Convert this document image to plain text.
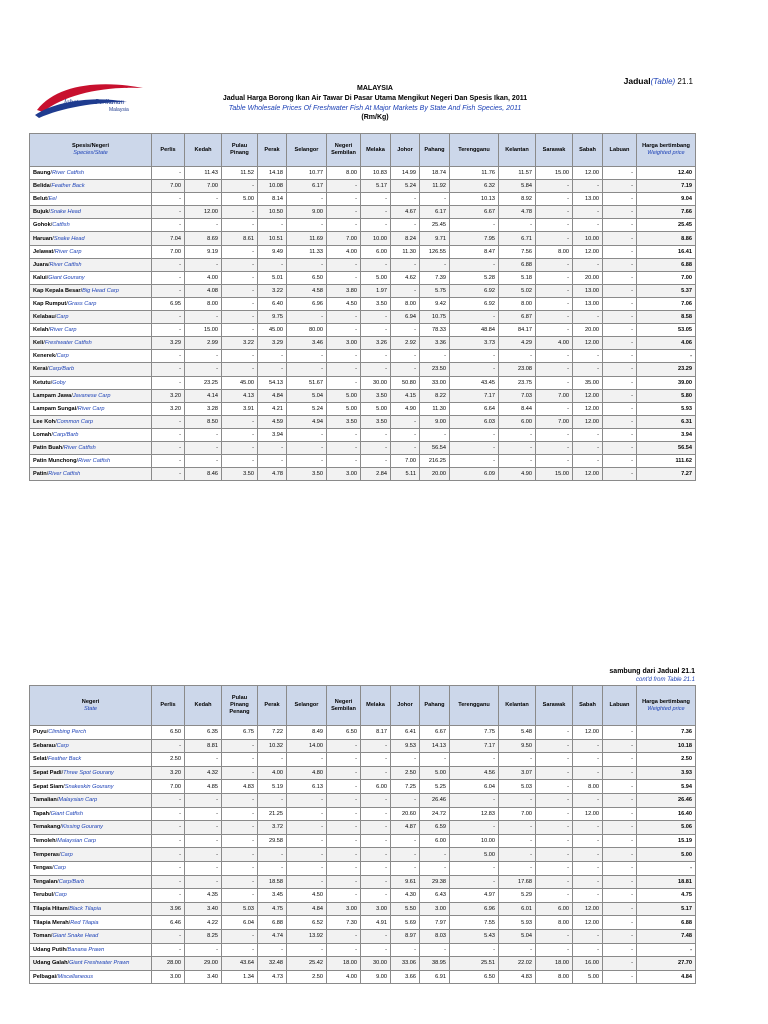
Jadual(Table) 21.1
Jabatan Perikanan
Malaysia
MALAYSIA
Jadual Harga Borong Ikan Air Tawar Di Pasar Utama Mengikut Negeri Dan Spesis Ikan, 2011
Table Wholesale Prices Of Freshwater Fish At Major Markets By State And Fish Species, 2011
(Rm/Kg)
Spesis/Negeri
Species/State	Perlis	Kedah	Pulau Pinang	Perak	Selangor	Negeri Sembilan	Melaka	Johor	Pahang	Terengganu	Kelantan	Sarawak	Sabah	Labuan	Harga bertimbang
Weighted price

Baung/River Catfish	-	11.43	11.52	14.18	10.77	8.00	10.83	14.99	18.74	11.76	11.57	15.00	12.00	-	12.40
Belida/Feather Back	7.00	7.00	-	10.08	6.17	-	5.17	5.24	11.92	6.32	5.84	-	-	-	7.19
Belut/Eel	-	-	5.00	8.14	-	-	-	-	-	10.13	8.92	-	13.00	-	9.04
Bujuk/Snake Head	-	12.00	-	10.50	9.00	-	-	4.67	6.17	6.67	4.78	-	-	-	7.66
Gohok/Catfish	-	-	-	-	-	-	-	-	25.45	-	-	-	-	-	25.45
Haruan/Snake Head	7.04	8.69	8.61	10.51	11.69	7.00	10.00	8.24	9.71	7.95	6.71	-	10.00	-	8.86
Jelawat/River Carp	7.00	9.19	-	9.49	11.33	4.00	6.00	11.30	126.55	8.47	7.56	8.00	12.00	-	16.41
Juara/River Catfish	-	-	-	-	-	-	-	-	-	-	6.88	-	-	-	6.88
Kalui/Giant Gourany	-	4.00	-	5.01	6.50	-	5.00	4.62	7.39	5.28	5.18	-	20.00	-	7.00
Kap Kepala Besar/Big Head Carp	-	4.08	-	3.22	4.58	3.80	1.97	-	5.75	6.92	5.02	-	13.00	-	5.37
Kap Rumput/Grass Carp	6.95	8.00	-	6.40	6.96	4.50	3.50	8.00	9.42	6.92	8.00	-	13.00	-	7.06
Kelabau/Carp	-	-	-	9.75	-	-	-	6.94	10.75	-	6.87	-	-	-	8.58
Kelah/River Carp	-	15.00	-	45.00	80.00	-	-	-	78.33	48.84	84.17	-	20.00	-	53.05
Keli/Freshwater Catfish	3.29	2.99	3.22	3.29	3.46	3.00	3.26	2.92	3.36	3.73	4.29	4.00	12.00	-	4.06
Kenerek/Carp	-	-	-	-	-	-	-	-	-	-	-	-	-	-	-
Kerai/Carp/Barb	-	-	-	-	-	-	-	-	23.50	-	23.08	-	-	-	23.29
Ketutu/Goby	-	23.25	45.00	54.13	51.67	-	30.00	50.80	33.00	43.45	23.75	-	35.00	-	39.00
Lampam Jawa/Javanese Carp	3.20	4.14	4.13	4.84	5.04	5.00	3.50	4.15	8.22	7.17	7.03	7.00	12.00	-	5.80
Lampam Sungai/River Carp	3.20	3.28	3.91	4.21	5.24	5.00	5.00	4.90	11.30	6.64	8.44	-	12.00	-	5.93
Lee Koh/Common Carp	-	8.50	-	4.59	4.94	3.50	3.50	-	9.00	6.03	6.00	7.00	12.00	-	6.31
Lomah/Carp/Barb	-	-	-	3.94	-	-	-	-	-	-	-	-	-	-	3.94
Patin Buah/River Catfish	-	-	-	-	-	-	-	-	56.54	-	-	-	-	-	56.54
Patin Munchong/River Catfish	-	-	-	-	-	-	-	7.00	216.25	-	-	-	-	-	111.62
Patin/River Catfish	-	8.46	3.50	4.78	3.50	3.00	2.84	5.11	20.00	6.09	4.90	15.00	12.00	-	7.27
sambung dari Jadual 21.1
cont'd from Table 21.1
Negeri
State	Perlis	Kedah	Pulau Pinang Penang	Perak	Selangor	Negeri Sembilan	Melaka	Johor	Pahang	Terengganu	Kelantan	Sarawak	Sabah	Labuan	Harga bertimbang
Weighted price

Puyu/Climbing Perch	6.50	6.35	6.75	7.22	8.49	6.50	8.17	6.41	6.67	7.75	5.48	-	12.00	-	7.36
Sebarau/Carp	-	8.81	-	10.32	14.00	-	-	9.53	14.13	7.17	9.50	-	-	-	10.18
Selat/Feather Back	2.50	-	-	-	-	-	-	-	-	-	-	-	-	-	2.50
Sepat Padi/Three Spot Gourany	3.20	4.32	-	4.00	4.80	-	-	2.50	5.00	4.56	3.07	-	-	-	3.93
Sepat Siam/Snakeskin Gourany	7.00	4.85	4.83	5.19	6.13	-	6.00	7.25	5.25	6.04	5.03	-	8.00	-	5.94
Tamalian/Malaysian Carp	-	-	-	-	-	-	-	-	26.46	-	-	-	-	-	26.46
Tapah/Giant Catfish	-	-	-	21.25	-	-	-	20.60	24.72	12.83	7.00	-	12.00	-	16.40
Temakang/Kissing Gourany	-	-	-	3.72	-	-	-	4.87	6.59	-	-	-	-	-	5.06
Temoleh/Malaysian Carp	-	-	-	29.58	-	-	-	-	6.00	10.00	-	-	-	-	15.19
Temperas/Carp	-	-	-	-	-	-	-	-	-	5.00	-	-	-	-	5.00
Tengas/Carp	-	-	-	-	-	-	-	-	-	-	-	-	-	-	-
Tengalan/Carp/Barb	-	-	-	18.58	-	-	-	9.61	29.38	-	17.68	-	-	-	18.81
Terubul/Carp	-	4.35	-	3.45	4.50	-	-	4.30	6.43	4.97	5.29	-	-	-	4.75
Tilapia Hitam/Black Tilapia	3.96	3.40	5.03	4.75	4.84	3.00	3.00	5.50	3.00	6.96	6.01	6.00	12.00	-	5.17
Tilapia Merah/Red Tilapia	6.46	4.22	6.04	6.88	6.52	7.30	4.91	5.69	7.97	7.55	5.93	8.00	12.00	-	6.88
Toman/Giant Snake Head	-	8.25	-	4.74	13.92	-	-	8.97	8.03	5.43	5.04	-	-	-	7.48
Udang Putih/Banana Prawn	-	-	-	-	-	-	-	-	-	-	-	-	-	-	-
Udang Galah/Giant Freshwater Prawn	28.00	29.00	43.64	32.48	25.42	18.00	30.00	33.06	38.95	25.51	22.02	18.00	16.00	-	27.70
Pelbagai/Miscellaneous	3.00	3.40	1.34	4.73	2.50	4.00	9.00	3.66	6.91	6.50	4.83	8.00	5.00	-	4.84
